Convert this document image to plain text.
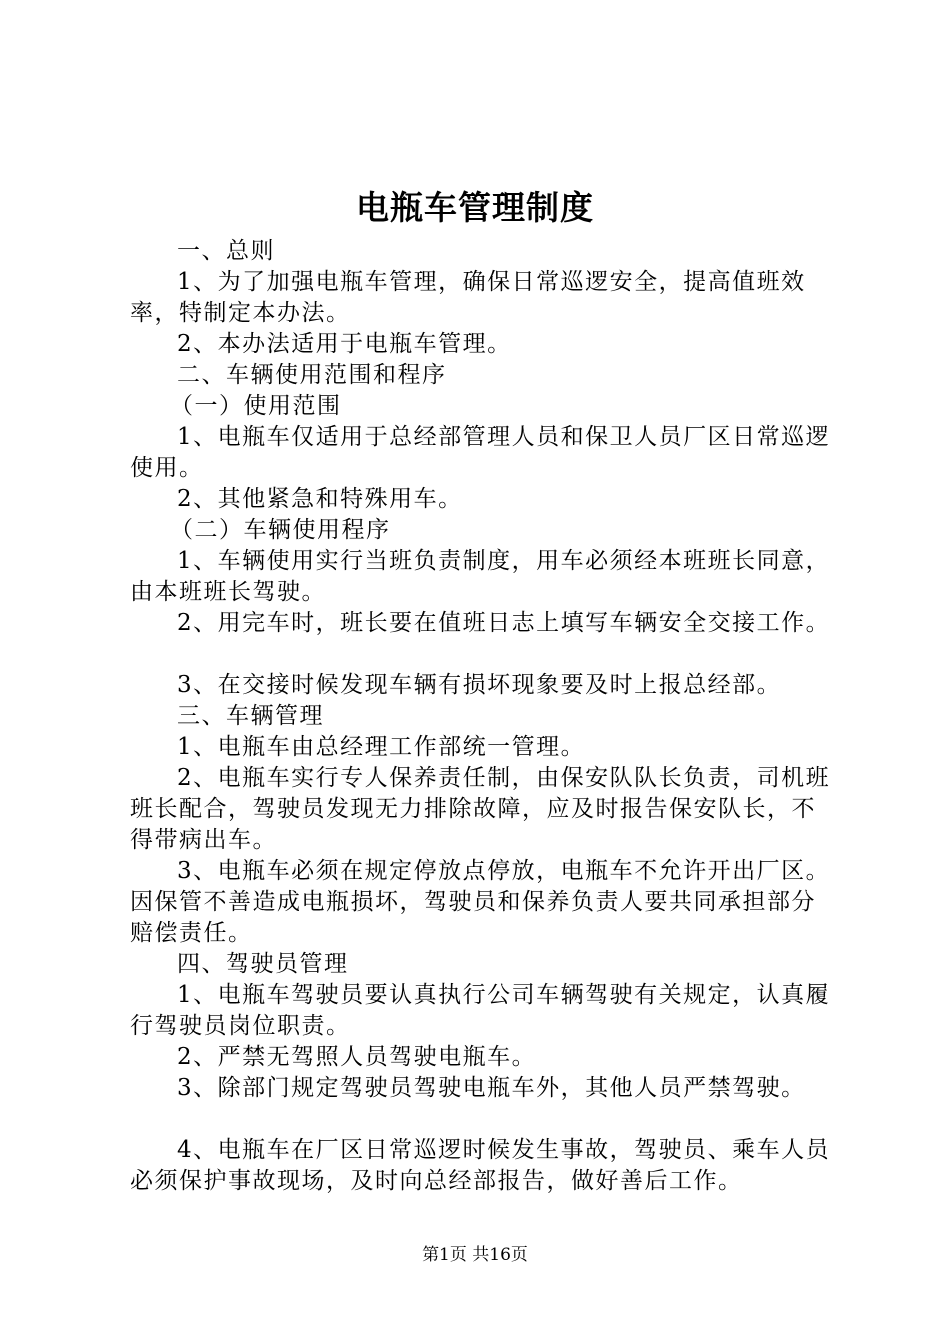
电瓶车管理制度

一、总则

1、为了加强电瓶车管理，确保日常巡逻安全，提高值班效率，特制定本办法。

2、本办法适用于电瓶车管理。

二、车辆使用范围和程序

（一）使用范围

1、电瓶车仅适用于总经部管理人员和保卫人员厂区日常巡逻使用。

2、其他紧急和特殊用车。

（二）车辆使用程序

1、车辆使用实行当班负责制度，用车必须经本班班长同意，由本班班长驾驶。

2、用完车时，班长要在值班日志上填写车辆安全交接工作。

3、在交接时候发现车辆有损坏现象要及时上报总经部。

三、车辆管理

1、电瓶车由总经理工作部统一管理。

2、电瓶车实行专人保养责任制，由保安队队长负责，司机班班长配合，驾驶员发现无力排除故障，应及时报告保安队长，不得带病出车。

3、电瓶车必须在规定停放点停放，电瓶车不允许开出厂区。因保管不善造成电瓶损坏，驾驶员和保养负责人要共同承担部分赔偿责任。

四、驾驶员管理

1、电瓶车驾驶员要认真执行公司车辆驾驶有关规定，认真履行驾驶员岗位职责。

2、严禁无驾照人员驾驶电瓶车。

3、除部门规定驾驶员驾驶电瓶车外，其他人员严禁驾驶。

4、电瓶车在厂区日常巡逻时候发生事故，驾驶员、乘车人员必须保护事故现场，及时向总经部报告，做好善后工作。

第1页 共16页
